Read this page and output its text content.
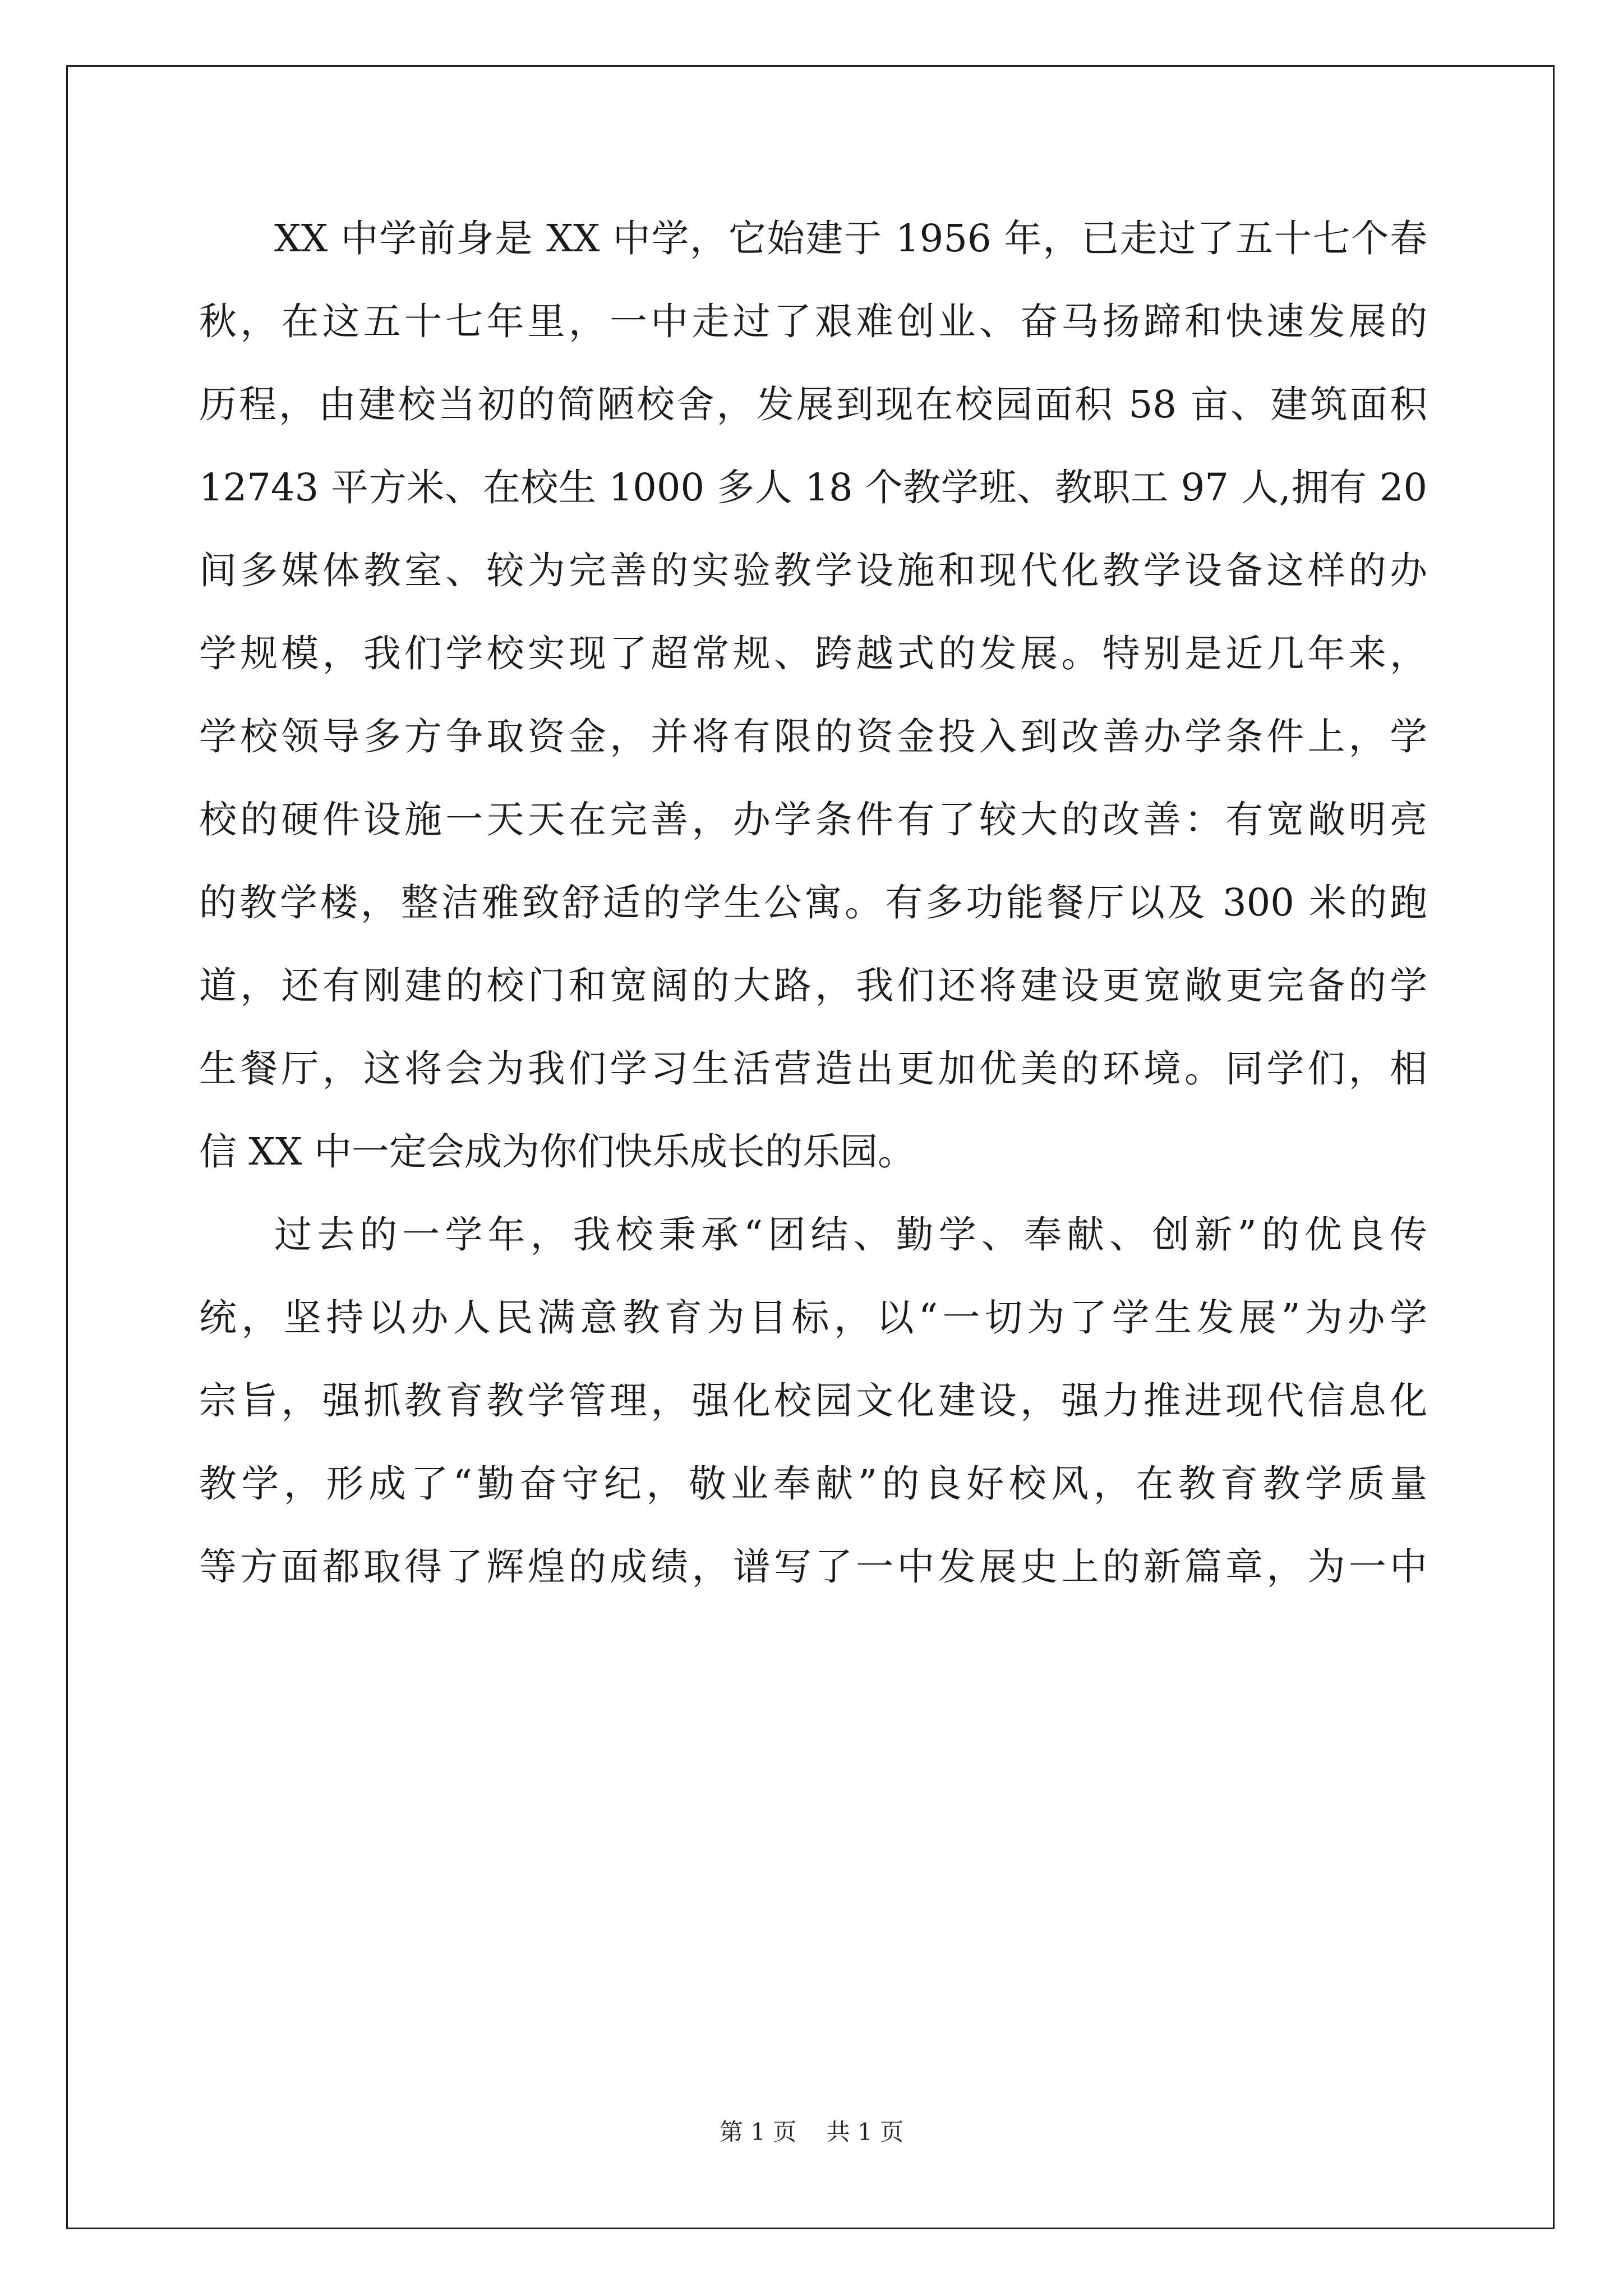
XX 中学前身是 XX 中学，它始建于 1956 年，已走过了五十七个春
秋，在这五十七年里，一中走过了艰难创业、奋马扬蹄和快速发展的
历程，由建校当初的简陋校舍，发展到现在校园面积 58 亩、建筑面积
12743 平方米、在校生 1000 多人 18 个教学班、教职工 97 人,拥有 20
间多媒体教室、较为完善的实验教学设施和现代化教学设备这样的办
学规模，我们学校实现了超常规、跨越式的发展。特别是近几年来，
学校领导多方争取资金，并将有限的资金投入到改善办学条件上，学
校的硬件设施一天天在完善，办学条件有了较大的改善：有宽敞明亮
的教学楼，整洁雅致舒适的学生公寓。有多功能餐厅以及 300 米的跑
道，还有刚建的校门和宽阔的大路，我们还将建设更宽敞更完备的学
生餐厅，这将会为我们学习生活营造出更加优美的环境。同学们，相
信 XX 中一定会成为你们快乐成长的乐园。
过去的一学年，我校秉承“团结、勤学、奉献、创新”的优良传
统，坚持以办人民满意教育为目标，以“一切为了学生发展”为办学
宗旨，强抓教育教学管理，强化校园文化建设，强力推进现代信息化
教学，形成了“勤奋守纪，敬业奉献”的良好校风，在教育教学质量
等方面都取得了辉煌的成绩，谱写了一中发展史上的新篇章，为一中
第 1 页    共 1 页
